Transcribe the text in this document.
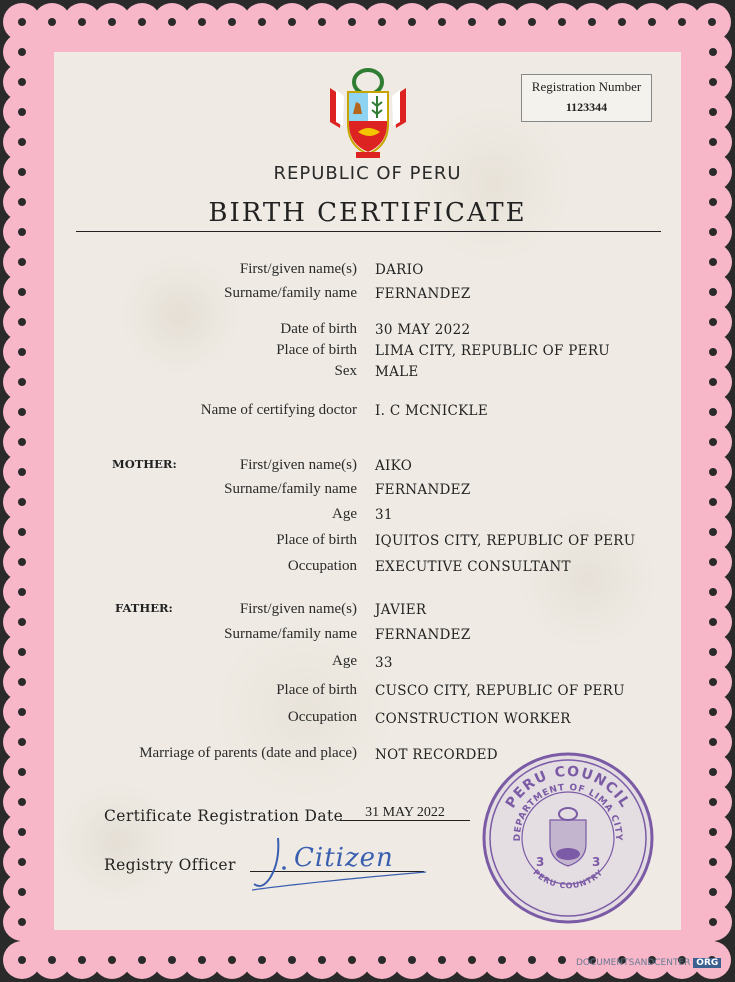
Registration Number
1123344
REPUBLIC OF PERU
BIRTH CERTIFICATE
First/given name(s) DARIO
Surname/family name FERNANDEZ
Date of birth 30 MAY 2022
Place of birth LIMA CITY, REPUBLIC OF PERU
Sex MALE
Name of certifying doctor I. C MCNICKLE
MOTHER:	First/given name(s) AIKO
Surname/family name FERNANDEZ
Age 31
Place of birth IQUITOS CITY, REPUBLIC OF PERU
Occupation EXECUTIVE CONSULTANT
FATHER:	First/given name(s) JAVIER
Surname/family name FERNANDEZ
Age 33
Place of birth CUSCO CITY, REPUBLIC OF PERU
Occupation CONSTRUCTION WORKER
Marriage of parents (date and place) NOT RECORDED
Certificate Registration Date	31 MAY 2022
Registry Officer Citizen
PERU COUNCIL
DEPARTMENT OF LIMA CITY
PERU COUNTRY
3	3
DOCUMENTSANDCENTER ORG
